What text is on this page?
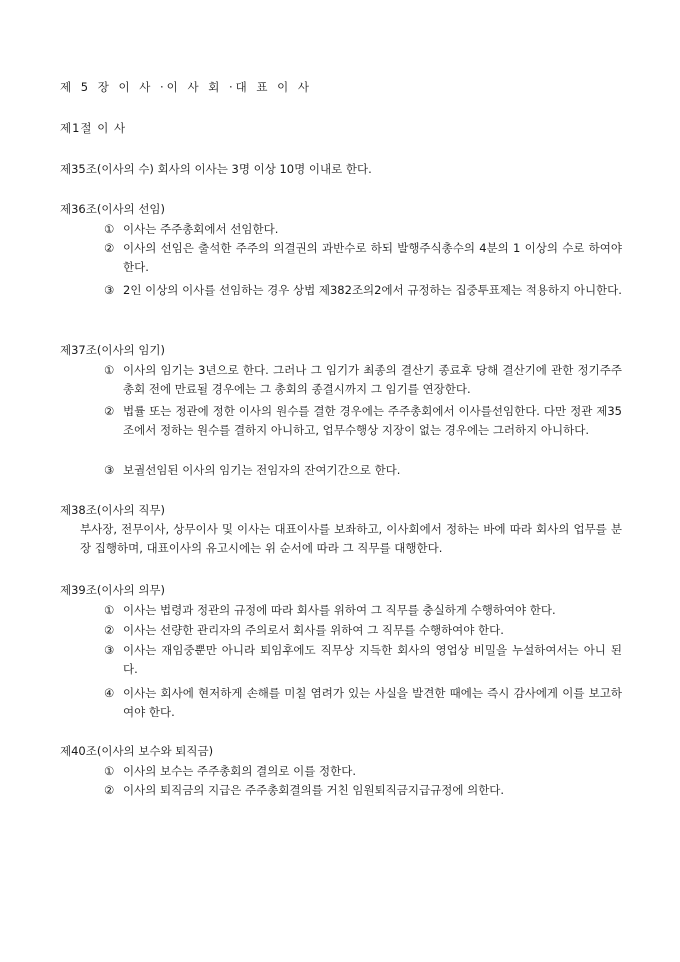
제 5 장 이 사 ·이 사 회 ·대 표 이 사
제1절 이 사
제35조(이사의 수) 회사의 이사는 3명 이상 10명 이내로 한다.
제36조(이사의 선임)
① 이사는 주주총회에서 선임한다.
② 이사의 선임은 출석한 주주의 의결권의 과반수로 하되 발행주식총수의 4분의 1 이상의 수로 하여야 한다.
③ 2인 이상의 이사를 선임하는 경우 상법 제382조의2에서 규정하는 집중투표제는 적용하지 아니한다.
제37조(이사의 임기)
① 이사의 임기는 3년으로 한다. 그러나 그 임기가 최종의 결산기 종료후 당해 결산기에 관한 정기주주총회 전에 만료될 경우에는 그 총회의 종결시까지 그 임기를 연장한다.
② 법률 또는 정관에 정한 이사의 원수를 결한 경우에는 주주총회에서 이사를선임한다. 다만 정관 제35조에서 정하는 원수를 결하지 아니하고, 업무수행상 지장이 없는 경우에는 그러하지 아니하다.
③ 보궐선임된 이사의 임기는 전임자의 잔여기간으로 한다.
제38조(이사의 직무)
부사장, 전무이사, 상무이사 및 이사는 대표이사를 보좌하고, 이사회에서 정하는 바에 따라 회사의 업무를 분장 집행하며, 대표이사의 유고시에는 위 순서에 따라 그 직무를 대행한다.
제39조(이사의 의무)
① 이사는 법령과 정관의 규정에 따라 회사를 위하여 그 직무를 충실하게 수행하여야 한다.
② 이사는 선량한 관리자의 주의로서 회사를 위하여 그 직무를 수행하여야 한다.
③ 이사는 재임중뿐만 아니라 퇴임후에도 직무상 지득한 회사의 영업상 비밀을 누설하여서는 아니 된다.
④ 이사는 회사에 현저하게 손해를 미칠 염려가 있는 사실을 발견한 때에는 즉시 감사에게 이를 보고하여야 한다.
제40조(이사의 보수와 퇴직금)
① 이사의 보수는 주주총회의 결의로 이를 정한다.
② 이사의 퇴직금의 지급은 주주총회결의를 거친 임원퇴직금지급규정에 의한다.
